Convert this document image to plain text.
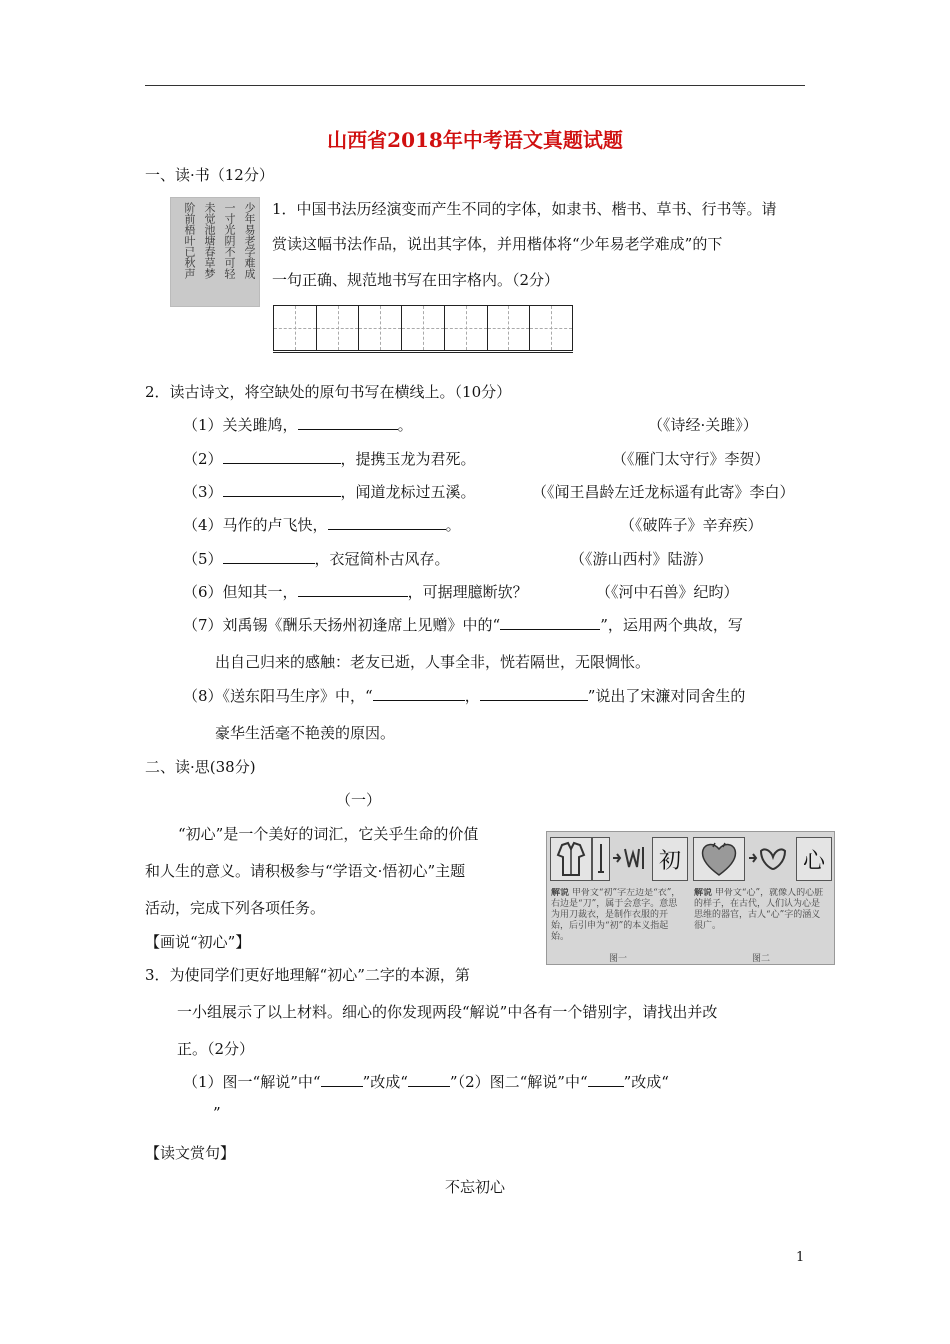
山西省2018年中考语文真题试题
一、读·书（12分）
少年易老学难成
一寸光阴不可轻
未觉池塘春草梦
阶前梧叶已秋声	1．中国书法历经演变而产生不同的字体，如隶书、楷书、草书、行书等。请
赏读这幅书法作品，说出其字体，并用楷体将“少年易老学难成”的下
一句正确、规范地书写在田字格内。（2分）
2．读古诗文，将空缺处的原句书写在横线上。（10分）
（1）关关雎鸠，	。	（《诗经·关雎》）
（2）	，提携玉龙为君死。	（《雁门太守行》李贺）
（3）	，闻道龙标过五溪。	（《闻王昌龄左迁龙标遥有此寄》李白）
（4）马作的卢飞快，	。	（《破阵子》辛弃疾）
（5）	，衣冠简朴古风存。	（《游山西村》陆游）
（6）但知其一，	，可据理臆断欤？	（《河中石兽》纪昀）
（7）刘禹锡《酬乐天扬州初逢席上见赠》中的“	”，运用两个典故，写
出自己归来的感触：老友已逝，人事全非，恍若隔世，无限惆怅。
（8）《送东阳马生序》中，“	，	”说出了宋濂对同舍生的
豪华生活毫不艳羡的原因。
二、读·思(38分)
（一）
“初心”是一个美好的词汇，它关乎生命的价值
和人生的意义。请积极参与“学语文·悟初心”主题
活动，完成下列各项任务。
【画说“初心”】
3．为使同学们更好地理解“初心”二字的本源，第
一小组展示了以上材料。细心的你发现两段“解说”中各有一个错别字，请找出并改
正。（2分）
（1）图一“解说”中“	”改成“	”（2）图二“解说”中“ ”改成“
”
【读文赏句】
不忘初心
初
解说 甲骨文“初”字左边是“衣”，右边是“刀”，属于会意字。意思为用刀裁衣，是制作衣服的开始，后引申为“初”的本义指起始。
图一
心
解说 甲骨文“心”，就像人的心脏的样子，在古代，人们认为心是思维的器官，古人“心”字的涵义很广。
图二
1
